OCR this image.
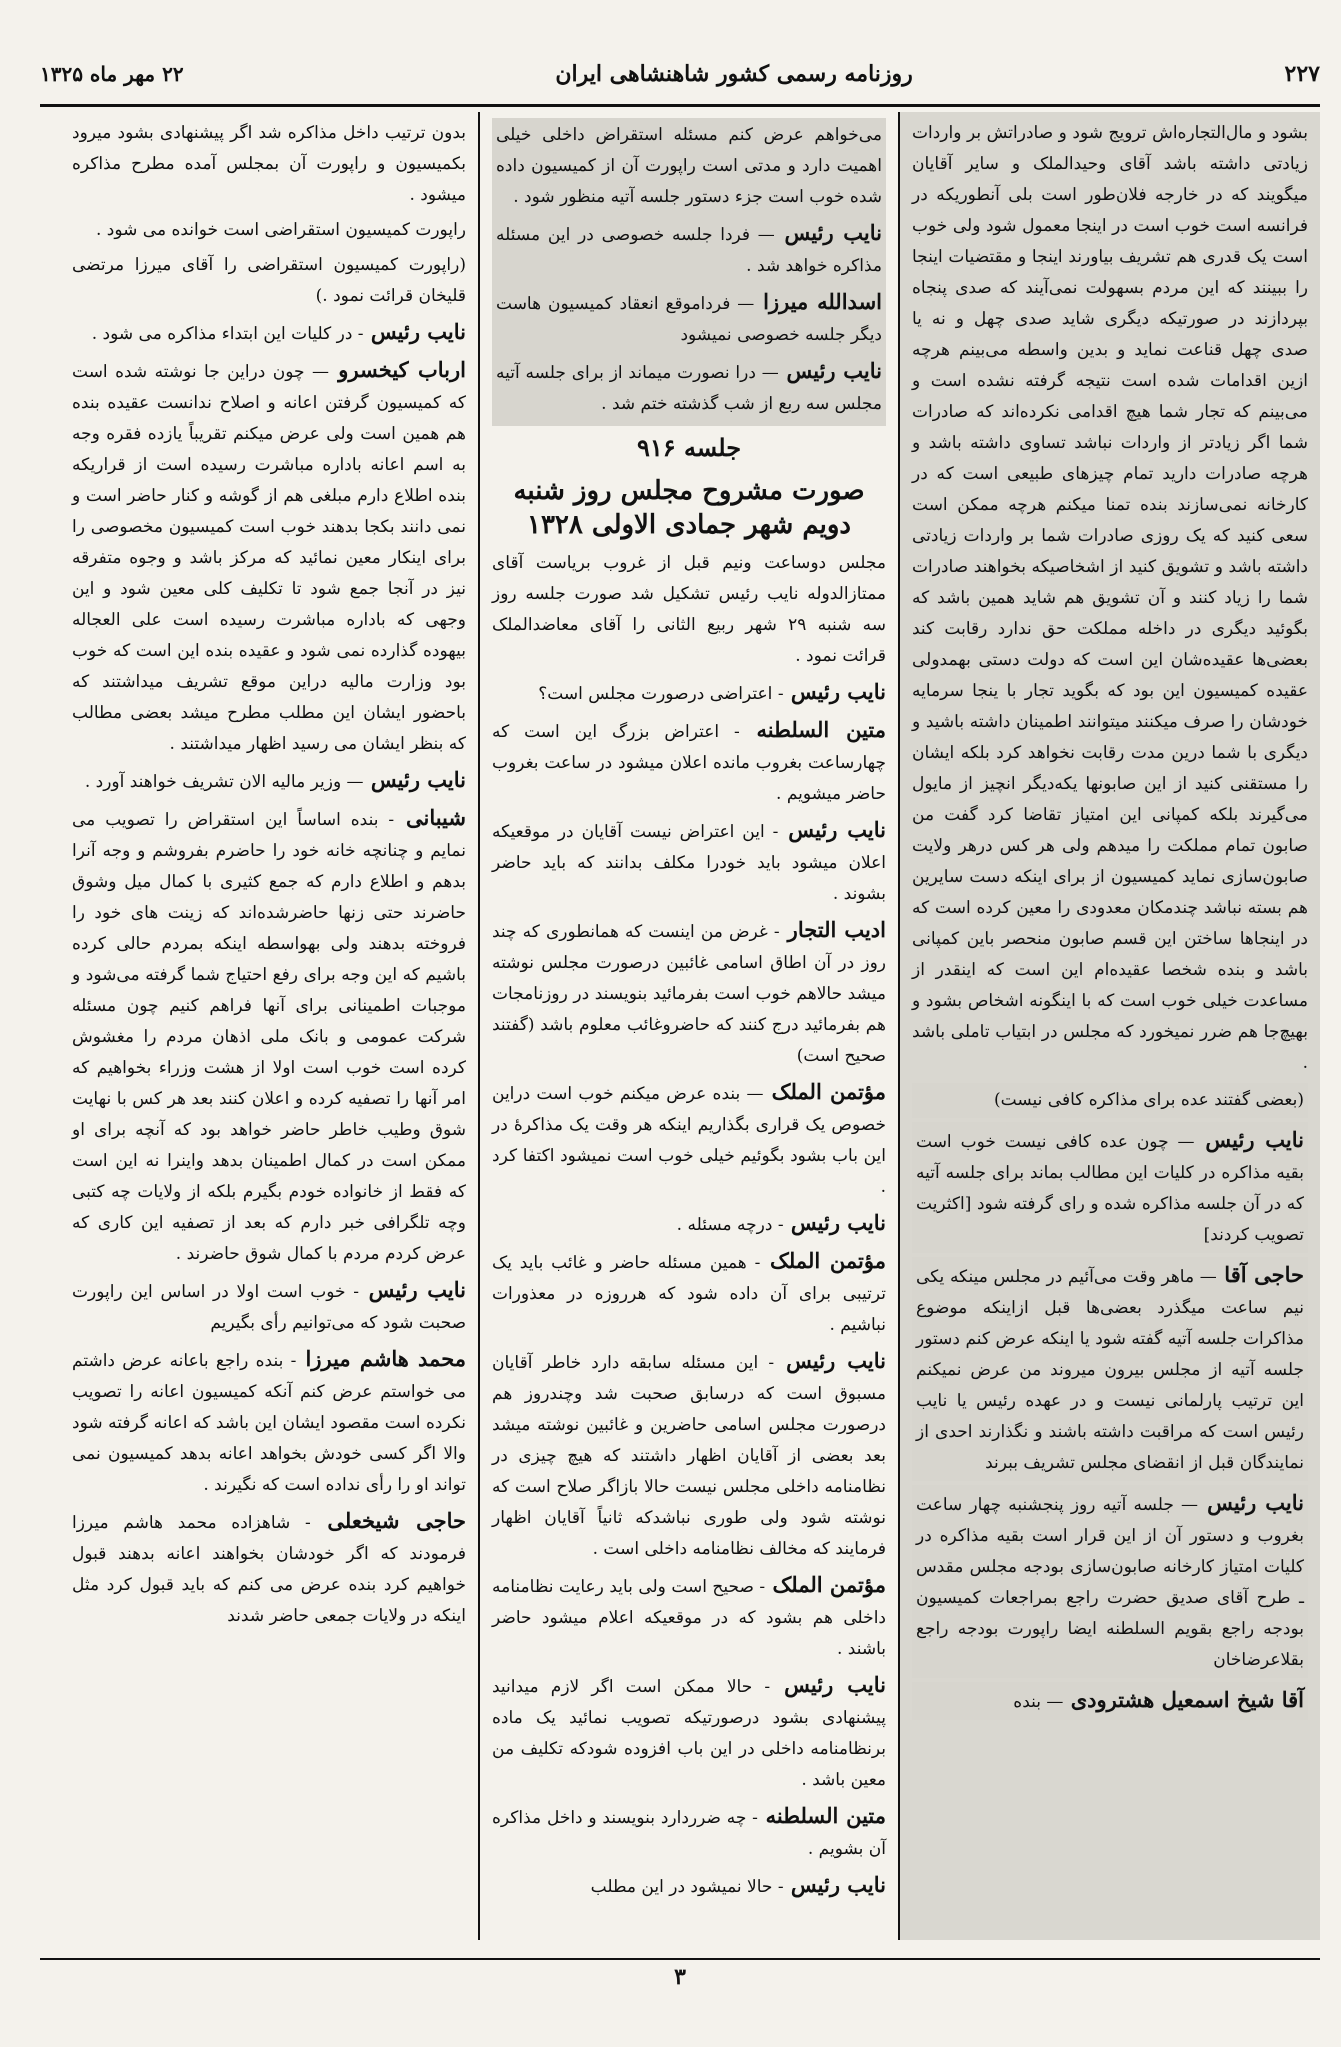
۲۲۷
روزنامه رسمی کشور شاهنشاهی ایران
۲۲ مهر ماه ۱۳۲۵

بشود و مال‌التجاره‌اش ترویج شود و صادراتش بر واردات زیادتی داشته باشد آقای وحیدالملک و سایر آقایان میگویند که در خارجه فلان‌طور است بلی آنطوریکه در فرانسه است خوب است در اینجا معمول شود ولی خوب است یک قدری هم تشریف بیاورند اینجا و مقتضیات اینجا را ببینند که این مردم بسهولت نمی‌آیند که صدی پنجاه بپردازند در صورتیکه دیگری شاید صدی چهل و نه یا صدی چهل قناعت نماید و بدین واسطه می‌بینم هرچه ازین اقدامات شده است نتیجه گرفته نشده است و می‌بینم که تجار شما هیچ اقدامی نکرده‌اند که صادرات شما اگر زیادتر از واردات نباشد تساوی داشته باشد و هرچه صادرات دارید تمام چیزهای طبیعی است که در کارخانه نمی‌سازند بنده تمنا میکنم هرچه ممکن است سعی کنید که یک روزی صادرات شما بر واردات زیادتی داشته باشد و تشویق کنید از اشخاصیکه بخواهند صادرات شما را زیاد کنند و آن تشویق هم شاید همین باشد که بگوئید دیگری در داخله مملکت حق ندارد رقابت کند بعضی‌ها عقیده‌شان این است که دولت دستی بهمدولی عقیده کمیسیون این بود که بگوید تجار با ینجا سرمایه خودشان را صرف میکنند میتوانند اطمینان داشته باشید و دیگری با شما درین مدت رقابت نخواهد کرد بلکه ایشان را مستقنی کنید از این صابونها یکه‌دیگر انچیز از مایول می‌گیرند بلکه کمپانی این امتیاز تقاضا کرد گفت من صابون تمام مملکت را میدهم ولی هر کس درهر ولایت صابون‌سازی نماید کمیسیون از برای اینکه دست سایرین هم بسته نباشد چندمکان معدودی را معین کرده است که در اینجاها ساختن این قسم صابون منحصر باین کمپانی باشد و بنده شخصا عقیده‌ام این است که اینقدر از مساعدت خیلی خوب است که با اینگونه اشخاص بشود و بهیچ‌جا هم ضرر نمیخورد که مجلس در ابتیاب تاملی باشد .

(بعضی گفتند عده برای مذاکره کافی نیست)

نایب رئیس — چون عده کافی نیست خوب است بقیه مذاکره در کلیات این مطالب بماند برای جلسه آتیه که در آن جلسه مذاکره شده و رای گرفته شود [اکثریت تصویب کردند]

حاجی آقا — ماهر وقت می‌آئیم در مجلس مینکه یکی نیم ساعت میگذرد بعضی‌ها قبل ازاینکه موضوع مذاکرات جلسه آتیه گفته شود یا اینکه عرض کنم دستور جلسه آتیه از مجلس بیرون میروند من عرض نمیکنم این ترتیب پارلمانی نیست و در عهده رئیس یا نایب رئیس است که مراقبت داشته باشند و نگذارند احدی از نمایندگان قبل از انقضای مجلس تشریف ببرند

نایب رئیس — جلسه آتیه روز پنجشنبه چهار ساعت بغروب و دستور آن از این قرار است بقیه مذاکره در کلیات امتیاز کارخانه صابون‌سازی بودجه مجلس مقدس ـ طرح آقای صدیق حضرت راجع بمراجعات کمیسیون بودجه راجع بقویم السلطنه ایضا راپورت بودجه راجع بقلاعرضاخان

آقا شیخ اسمعیل هشترودی — بنده

می‌خواهم عرض کنم مسئله استقراض داخلی خیلی اهمیت دارد و مدتی است راپورت آن از کمیسیون داده شده خوب است جزء دستور جلسه آتیه منظور شود .

نایب رئیس — فردا جلسه خصوصی در این مسئله مذاکره خواهد شد .

اسدالله میرزا — فرداموقع انعقاد کمیسیون هاست دیگر جلسه خصوصی نمیشود

نایب رئیس — درا نصورت میماند از برای جلسه آتیه مجلس سه ربع از شب گذشته ختم شد .

جلسه ۹۱۶
صورت مشروح مجلس روز شنبه دویم شهر جمادی الاولی ۱۳۲۸

مجلس دوساعت ونیم قبل از غروب بریاست آقای ممتازالدوله نایب رئیس تشکیل شد صورت جلسه روز سه شنبه ۲۹ شهر ربیع الثانی را آقای معاضدالملک قرائت نمود .

نایب رئیس - اعتراضی درصورت مجلس است؟

متین السلطنه - اعتراض بزرگ این است که چهارساعت بغروب مانده اعلان میشود در ساعت بغروب حاضر میشویم .

نایب رئیس - این اعتراض نیست آقایان در موقعیکه اعلان میشود باید خودرا مکلف بدانند که باید حاضر بشوند .

ادیب التجار - غرض من اینست که همانطوری که چند روز در آن اطاق اسامی غائبین درصورت مجلس نوشته میشد حالاهم خوب است بفرمائید بنویسند در روزنامجات هم بفرمائید درج کنند که حاضروغائب معلوم باشد (گفتند صحیح است)

مؤتمن الملک — بنده عرض میکنم خوب است دراین خصوص یک قراری بگذاریم اینکه هر وقت یک مذاکرهٔ در این باب بشود بگوئیم خیلی خوب است نمیشود اکتفا کرد .

نایب رئیس - درچه مسئله .

مؤتمن الملک - همین مسئله حاضر و غائب باید یک ترتیبی برای آن داده شود که هرروزه در معذورات نباشیم .

نایب رئیس - این مسئله سابقه دارد خاطر آقایان مسبوق است که درسابق صحبت شد وچندروز هم درصورت مجلس اسامی حاضرین و غائبین نوشته میشد بعد بعضی از آقایان اظهار داشتند که هیچ چیزی در نظامنامه داخلی مجلس نیست حالا بازاگر صلاح است که نوشته شود ولی طوری نباشدکه ثانیاً آقایان اظهار فرمایند که مخالف نظامنامه داخلی است .

مؤتمن الملک - صحیح است ولی باید رعایت نظامنامه داخلی هم بشود که در موقعیکه اعلام میشود حاضر باشند .

نایب رئیس - حالا ممکن است اگر لازم میدانید پیشنهادی بشود درصورتیکه تصویب نمائید یک ماده برنظامنامه داخلی در این باب افزوده شودکه تکلیف من معین باشد .

متین السلطنه - چه ضرردارد بنویسند و داخل مذاکره آن بشویم .

نایب رئیس - حالا نمیشود در این مطلب

بدون ترتیب داخل مذاکره شد اگر پیشنهادی بشود میرود بکمیسیون و راپورت آن بمجلس آمده مطرح مذاکره میشود .

راپورت کمیسیون استقراضی است خوانده می شود .

(راپورت کمیسیون استقراضی را آقای میرزا مرتضی قلیخان قرائت نمود .)

نایب رئیس - در کلیات این ابتداء مذاکره می شود .

ارباب کیخسرو — چون دراین جا نوشته شده است که کمیسیون گرفتن اعانه و اصلاح ندانست عقیده بنده هم همین است ولی عرض میکنم تقریباً یازده فقره وجه به اسم اعانه باداره مباشرت رسیده است از قراریکه بنده اطلاع دارم مبلغی هم از گوشه و کنار حاضر است و نمی دانند بکجا بدهند خوب است کمیسیون مخصوصی را برای اینکار معین نمائید که مرکز باشد و وجوه متفرقه نیز در آنجا جمع شود تا تکلیف کلی معین شود و این وجهی که باداره مباشرت رسیده است علی العجاله بیهوده گذارده نمی شود و عقیده بنده این است که خوب بود وزارت مالیه دراین موقع تشریف میداشتند که باحضور ایشان این مطلب مطرح میشد بعضی مطالب که بنظر ایشان می رسید اظهار میداشتند .

نایب رئیس — وزیر مالیه الان تشریف خواهند آورد .

شیبانی - بنده اساساً این استقراض را تصویب می نمایم و چنانچه خانه خود را حاضرم بفروشم و وجه آنرا بدهم و اطلاع دارم که جمع کثیری با کمال میل وشوق حاضرند حتی زنها حاضرشده‌اند که زینت های خود را فروخته بدهند ولی بهواسطه اینکه بمردم حالی کرده باشیم که این وجه برای رفع احتیاج شما گرفته می‌شود و موجبات اطمینانی برای آنها فراهم کنیم چون مسئله شرکت عمومی و بانک ملی اذهان مردم را مغشوش کرده است خوب است اولا از هشت وزراء بخواهیم که امر آنها را تصفیه کرده و اعلان کنند بعد هر کس با نهایت شوق وطیب خاطر حاضر خواهد بود که آنچه برای او ممکن است در کمال اطمینان بدهد واینرا نه این است که فقط از خانواده خودم بگیرم بلکه از ولایات چه کتبی وچه تلگرافی خبر دارم که بعد از تصفیه این کاری که عرض کردم مردم با کمال شوق حاضرند .

نایب رئیس - خوب است اولا در اساس این راپورت صحبت شود که می‌توانیم رأی بگیریم

محمد هاشم میرزا - بنده راجع باعانه عرض داشتم می خواستم عرض کنم آنکه کمیسیون اعانه را تصویب نکرده است مقصود ایشان این باشد که اعانه گرفته شود والا اگر کسی خودش بخواهد اعانه بدهد کمیسیون نمی تواند او را رأی نداده است که نگیرند .

حاجی شیخعلی - شاهزاده محمد هاشم میرزا فرمودند که اگر خودشان بخواهند اعانه بدهند قبول خواهیم کرد بنده عرض می کنم که باید قبول کرد مثل اینکه در ولایات جمعی حاضر شدند

۳
